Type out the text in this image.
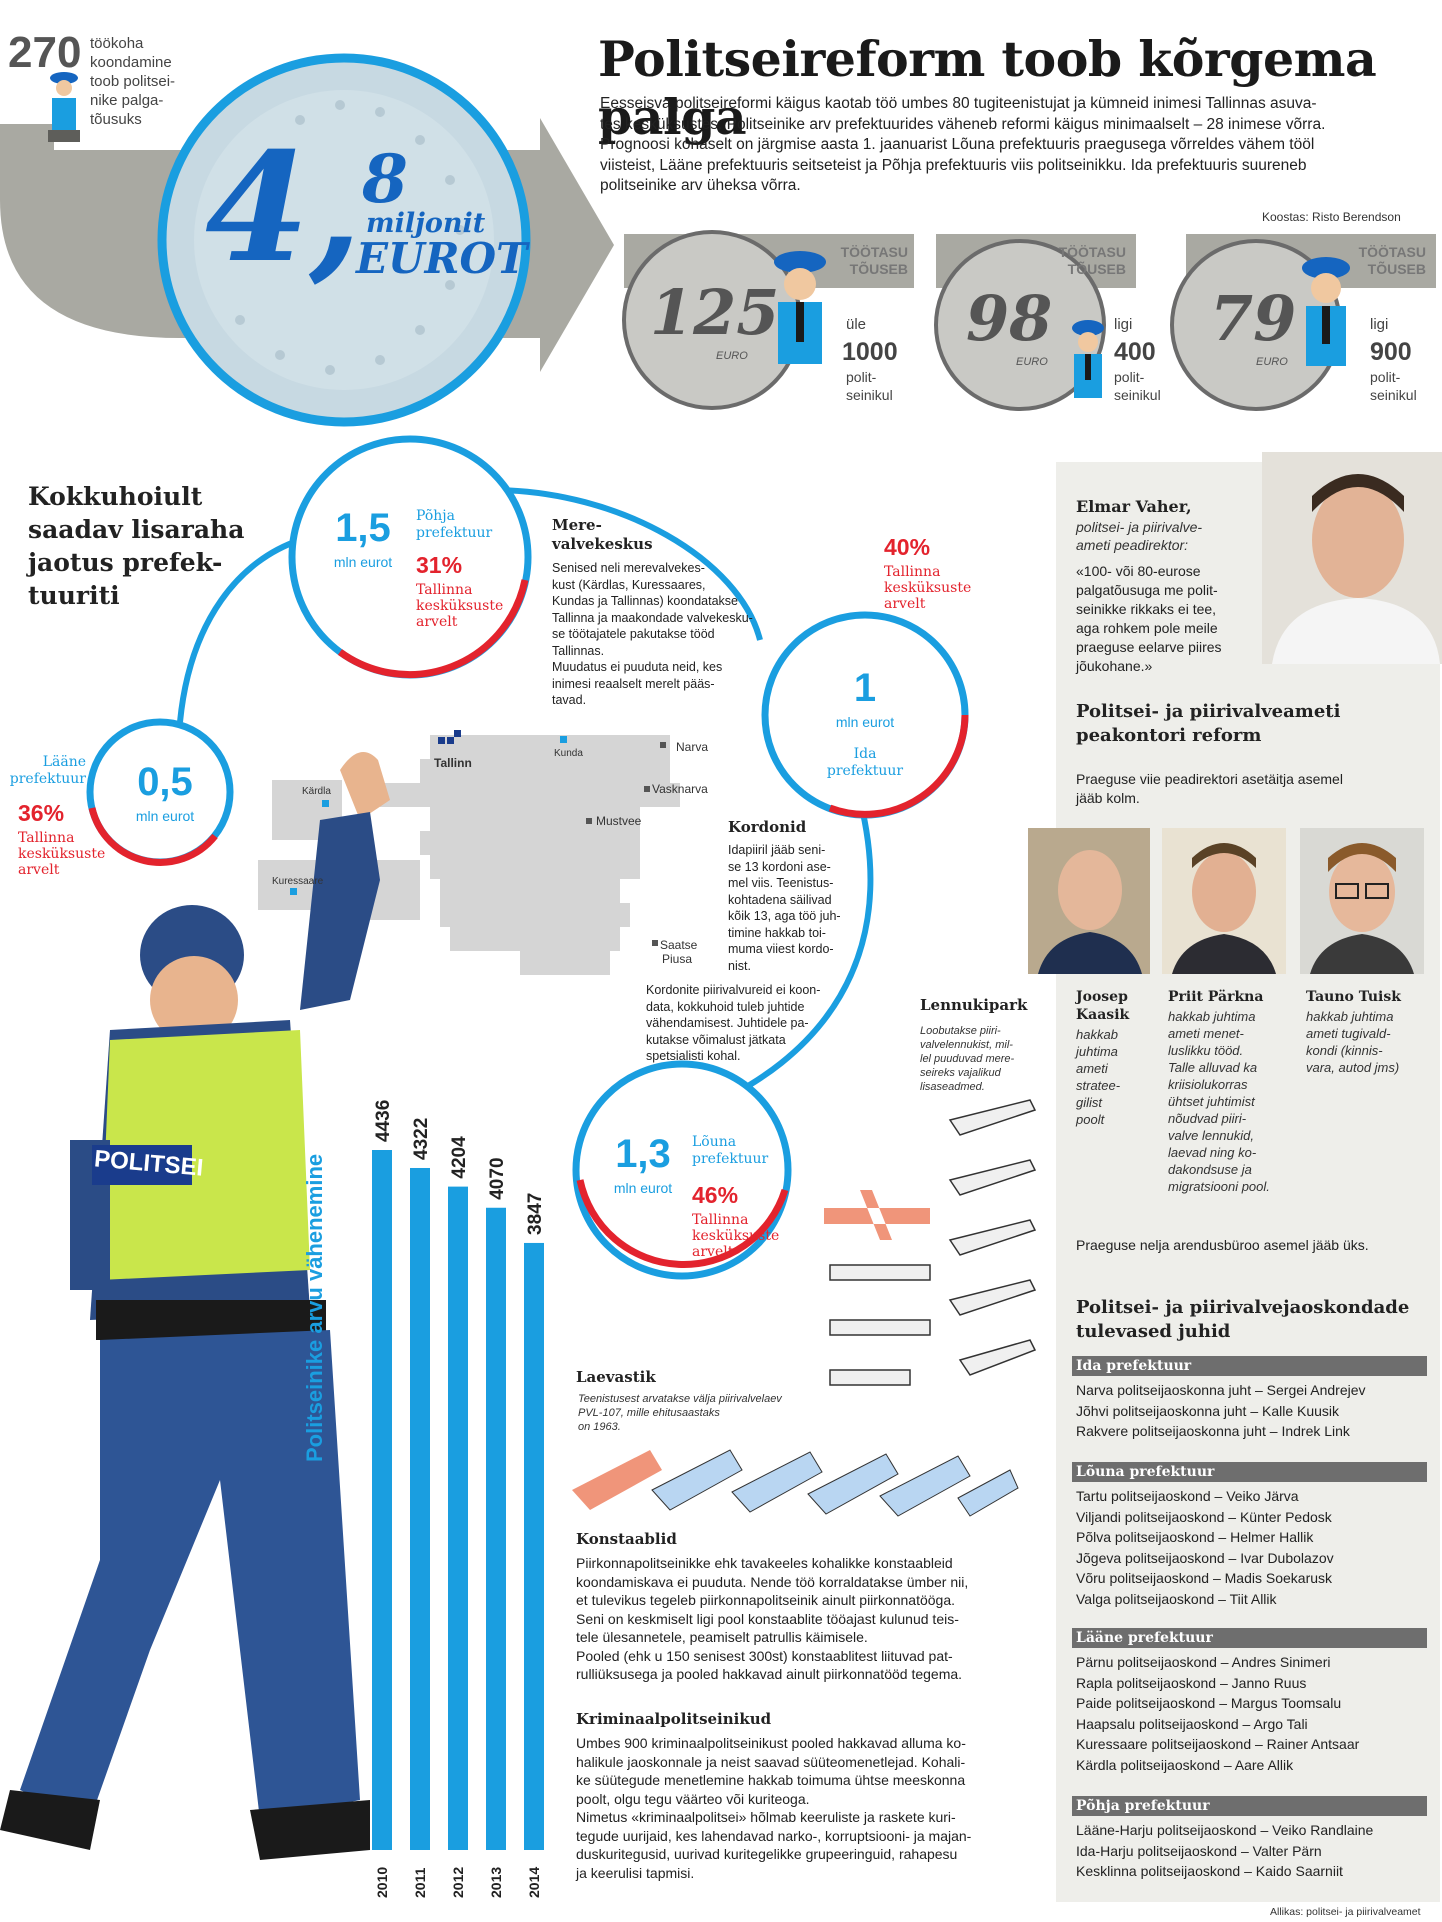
270 töökoha
koondamine
toob politsei-
nike palga-
tõusuks
Politseireform toob kõrgema palga
Eesseisva politseireformi käigus kaotab töö umbes 80 tugiteenistujat ja kümneid inimesi Tallinnas asuva-
tes kesküksustes. Politseinike arv prefektuurides väheneb reformi käigus minimaalselt – 28 inimese võrra.
Prognoosi kohaselt on järgmise aasta 1. jaanuarist Lõuna prefektuuris praegusega võrreldes vähem tööl
viisteist, Lääne prefektuuris seitseteist ja Põhja prefektuuris viis politseinikku. Ida prefektuuris suureneb
politseinike arv üheksa võrra.
Koostas: Risto Berendson
4, 8
miljonit
EUROT	TÖÖTASU
TÕUSEB
125
EURO
üle
1000
polit-
seinikul
TÖÖTASU
TÕUSEB
98
EURO
ligi
400
polit-
seinikul
TÖÖTASU
TÕUSEB
79
EURO
ligi
900
polit-
seinikul
Kokkuhoiult
saadav lisaraha
jaotus prefek-
tuuriti
1,5
mln eurot
Põhja
prefektuur
31%
Tallinna
kesküksuste
arvelt
Lääne
prefektuur	0,5
mln eurot
36%
Tallinna
kesküksuste
arvelt
40%
Tallinna
kesküksuste
arvelt
1
mln eurot
Ida
prefektuur
1,3
mln eurot
Lõuna
prefektuur
46%
Tallinna
kesküksuste
arvelt
Mere-
valvekeskus
Senised neli merevalvekes-
kust (Kärdlas, Kuressaares,
Kundas ja Tallinnas) koondatakse
Tallinna ja maakondade valvekesku-
se töötajatele pakutakse tööd
Tallinnas.
Muudatus ei puuduta neid, kes
inimesi reaalselt merelt pääs-
tavad.
Tallinn
Kunda	Narva
Vasknarva
Mustvee
Kärdla
Kuressaare
Saatse
Piusa
Kordonid
Idapiiril jääb seni-
se 13 kordoni ase-
mel viis. Teenistus-
kohtadena säilivad
kõik 13, aga töö juh-
timine hakkab toi-
muma viiest kordo-
nist.
Kordonite piirivalvureid ei koon-
data, kokkuhoid tuleb juhtide
vähendamisest. Juhtidele pa-
kutakse võimalust jätkata
spetsialisti kohal.
Lennukipark
Loobutakse piiri-
valvelennukist, mil-
lel puuduvad mere-
seireks vajalikud
lisaseadmed.
Laevastik
Teenistusest arvatakse välja piirivalvelaev
PVL-107, mille ehitusaastaks
on 1963.
Konstaablid
Piirkonnapolitseinikke ehk tavakeeles kohalikke konstaableid
koondamiskava ei puuduta. Nende töö korraldatakse ümber nii,
et tulevikus tegeleb piirkonnapolitseinik ainult piirkonnatööga.
Seni on keskmiselt ligi pool konstaablite tööajast kulunud teis-
tele ülesannetele, peamiselt patrullis käimisele.
Pooled (ehk u 150 senisest 300st) konstaablitest liituvad pat-
rulliüksusega ja pooled hakkavad ainult piirkonnatööd tegema.
Kriminaalpolitseinikud
Umbes 900 kriminaalpolitseinikust pooled hakkavad alluma ko-
halikule jaoskonnale ja neist saavad süüteomenetlejad. Kohali-
ke süütegude menetlemine hakkab toimuma ühtse meeskonna
poolt, olgu tegu väärteo või kuriteoga.
Nimetus «kriminaalpolitsei» hõlmab keeruliste ja raskete kuri-
tegude uurijaid, kes lahendavad narko-, korruptsiooni- ja majan-
duskuritegusid, uurivad kuritegelikke grupeeringuid, rahapesu
ja keerulisi tapmisi.
POLITSEI	Politseinike arvu vähenemine
4436
2010
4322
2011
4204
2012
4070
2013
3847
2014
Elmar Vaher,
politsei- ja piirivalve-
ameti peadirektor:
«100- või 80-eurose
palgatõusuga me polit-
seinikke rikkaks ei tee,
aga rohkem pole meile
praeguse eelarve piires
jõukohane.»
Politsei- ja piirivalveameti
peakontori reform
Praeguse viie peadirektori asetäitja asemel
jääb kolm.
Joosep
Kaasik
hakkab
juhtima
ameti
strateе-
gilist
poolt
Priit Pärkna
hakkab juhtima
ameti menet-
luslikku tööd.
Talle alluvad ka
kriisiolukorras
ühtset juhtimist
nõudvad piiri-
valve lennukid,
laevad ning ko-
dakondsuse ja
migratsiooni pool.
Tauno Tuisk
hakkab juhtima
ameti tugivald-
kondi (kinnis-
vara, autod jms)
Praeguse nelja arendusbüroo asemel jääb üks.
Politsei- ja piirivalvejaoskondade
tulevased juhid
Ida prefektuur
Narva politseijaoskonna juht – Sergei Andrejev
Jõhvi politseijaoskonna juht – Kalle Kuusik
Rakvere politseijaoskonna juht – Indrek Link
Lõuna prefektuur
Tartu politseijaoskond – Veiko Järva
Viljandi politseijaoskond – Künter Pedosk
Põlva politseijaoskond – Helmer Hallik
Jõgeva politseijaoskond – Ivar Dubolazov
Võru politseijaoskond – Madis Soekarusk
Valga politseijaoskond – Tiit Allik
Lääne prefektuur
Pärnu politseijaoskond – Andres Sinimeri
Rapla politseijaoskond – Janno Ruus
Paide politseijaoskond – Margus Toomsalu
Haapsalu politseijaoskond – Argo Tali
Kuressaare politseijaoskond – Rainer Antsaar
Kärdla politseijaoskond – Aare Allik
Põhja prefektuur
Lääne-Harju politseijaoskond – Veiko Randlaine
Ida-Harju politseijaoskond – Valter Pärn
Kesklinna politseijaoskond – Kaido Saarniit
Allikas: politsei- ja piirivalveamet
